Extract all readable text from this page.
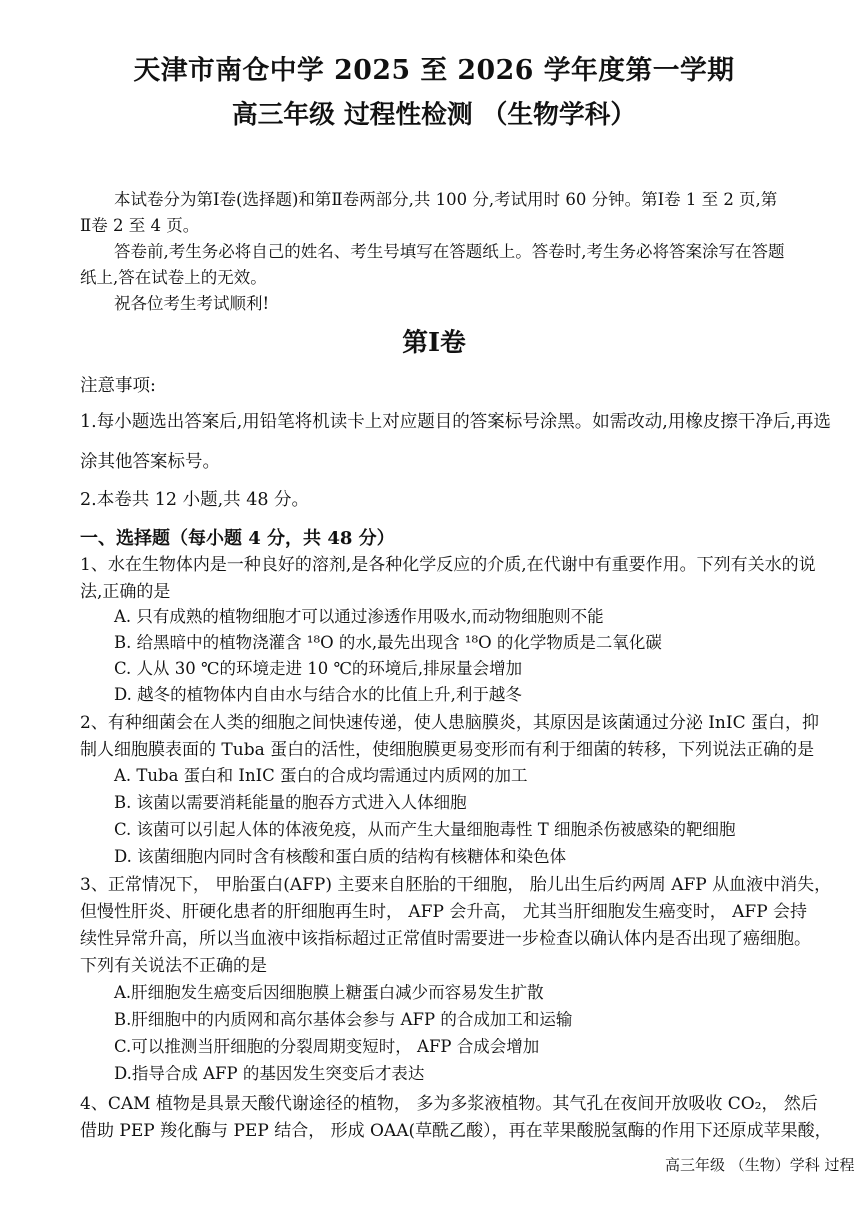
天津市南仓中学 2025 至 2026 学年度第一学期
高三年级 过程性检测 （生物学科）
本试卷分为第Ⅰ卷(选择题)和第Ⅱ卷两部分,共 100 分,考试用时 60 分钟。第Ⅰ卷 1 至 2 页,第
Ⅱ卷 2 至 4 页。
答卷前,考生务必将自己的姓名、考生号填写在答题纸上。答卷时,考生务必将答案涂写在答题
纸上,答在试卷上的无效。
祝各位考生考试顺利!
第Ⅰ卷
注意事项:
1.每小题选出答案后,用铅笔将机读卡上对应题目的答案标号涂黑。如需改动,用橡皮擦干净后,再选
涂其他答案标号。
2.本卷共 12 小题,共 48 分。
一、选择题（每小题 4 分，共 48 分）
1、水在生物体内是一种良好的溶剂,是各种化学反应的介质,在代谢中有重要作用。下列有关水的说
法,正确的是
A. 只有成熟的植物细胞才可以通过渗透作用吸水,而动物细胞则不能
B. 给黑暗中的植物浇灌含 ¹⁸O 的水,最先出现含 ¹⁸O 的化学物质是二氧化碳
C. 人从 30 ℃的环境走进 10 ℃的环境后,排尿量会增加
D. 越冬的植物体内自由水与结合水的比值上升,利于越冬
2、有种细菌会在人类的细胞之间快速传递，使人患脑膜炎，其原因是该菌通过分泌 InIC 蛋白，抑
制人细胞膜表面的 Tuba 蛋白的活性，使细胞膜更易变形而有利于细菌的转移，下列说法正确的是
A. Tuba 蛋白和 InIC 蛋白的合成均需通过内质网的加工
B. 该菌以需要消耗能量的胞吞方式进入人体细胞
C. 该菌可以引起人体的体液免疫，从而产生大量细胞毒性 T 细胞杀伤被感染的靶细胞
D. 该菌细胞内同时含有核酸和蛋白质的结构有核糖体和染色体
3、正常情况下， 甲胎蛋白(AFP) 主要来自胚胎的干细胞， 胎儿出生后约两周 AFP 从血液中消失，
但慢性肝炎、肝硬化患者的肝细胞再生时， AFP 会升高， 尤其当肝细胞发生癌变时， AFP 会持
续性异常升高，所以当血液中该指标超过正常值时需要进一步检查以确认体内是否出现了癌细胞。
下列有关说法不正确的是
A.肝细胞发生癌变后因细胞膜上糖蛋白减少而容易发生扩散
B.肝细胞中的内质网和高尔基体会参与 AFP 的合成加工和运输
C.可以推测当肝细胞的分裂周期变短时， AFP 合成会增加
D.指导合成 AFP 的基因发生突变后才表达
4、CAM 植物是具景天酸代谢途径的植物， 多为多浆液植物。其气孔在夜间开放吸收 CO₂， 然后
借助 PEP 羧化酶与 PEP 结合， 形成 OAA(草酰乙酸），再在苹果酸脱氢酶的作用下还原成苹果酸，
高三年级 （生物）学科 过程
